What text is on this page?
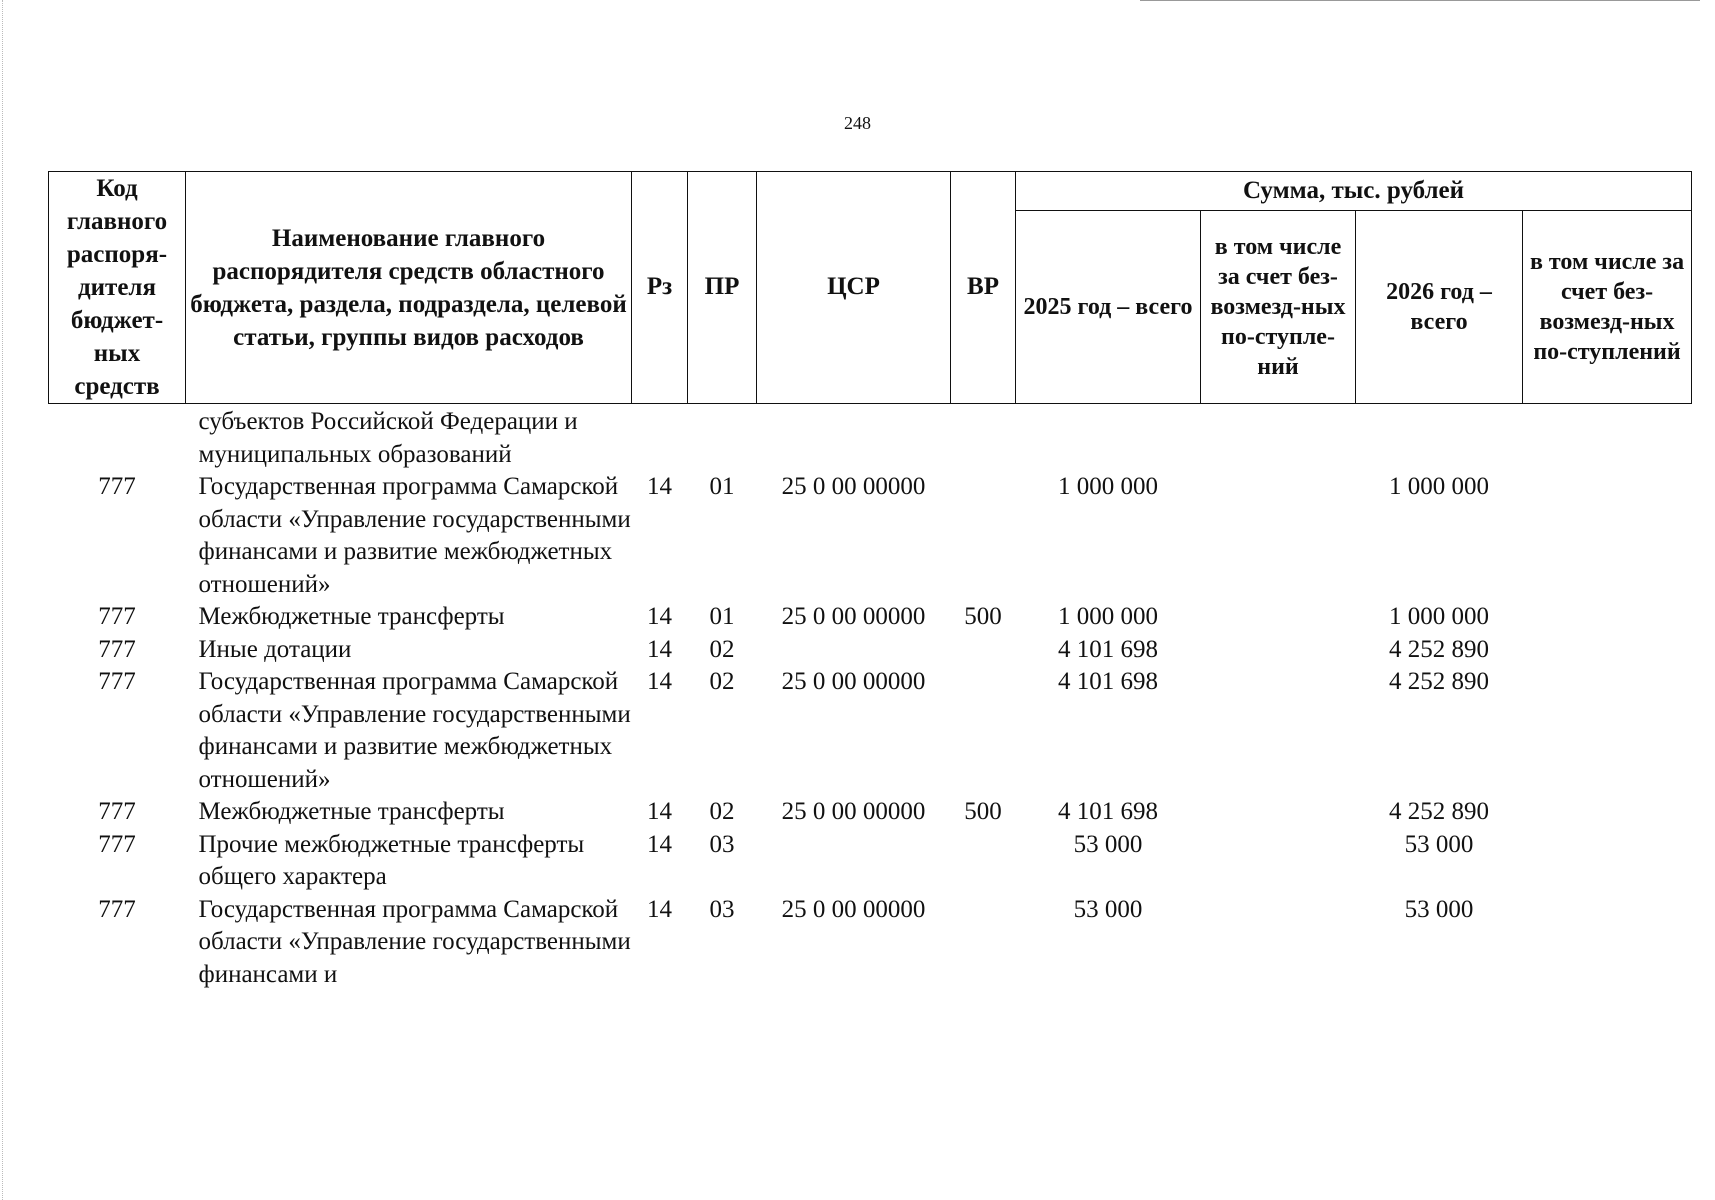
248
Код главного распоря-дителя бюджет-ных средств	Наименование главного распорядителя средств областного бюджета, раздела, подраздела, целевой статьи, группы видов расходов	Рз	ПР	ЦСР	ВР	Сумма, тыс. рублей			
						2025 год – всего	в том числе за счет без-возмезд-ных по-ступле-ний	2026 год – всего	в том числе за счет без-возмезд-ных по-ступлений
	субъектов Российской Федерации и муниципальных образований								
777	Государственная программа Самарской области «Управление государственными финансами и развитие межбюджетных отношений»	14	01	25 0 00 00000		1 000 000		1 000 000	
777	Межбюджетные трансферты	14	01	25 0 00 00000	500	1 000 000		1 000 000	
777	Иные дотации	14	02			4 101 698		4 252 890	
777	Государственная программа Самарской области «Управление государственными финансами и развитие межбюджетных отношений»	14	02	25 0 00 00000		4 101 698		4 252 890	
777	Межбюджетные трансферты	14	02	25 0 00 00000	500	4 101 698		4 252 890	
777	Прочие межбюджетные трансферты общего характера	14	03			53 000		53 000	
777	Государственная программа Самарской области «Управление государственными финансами и	14	03	25 0 00 00000		53 000		53 000	
